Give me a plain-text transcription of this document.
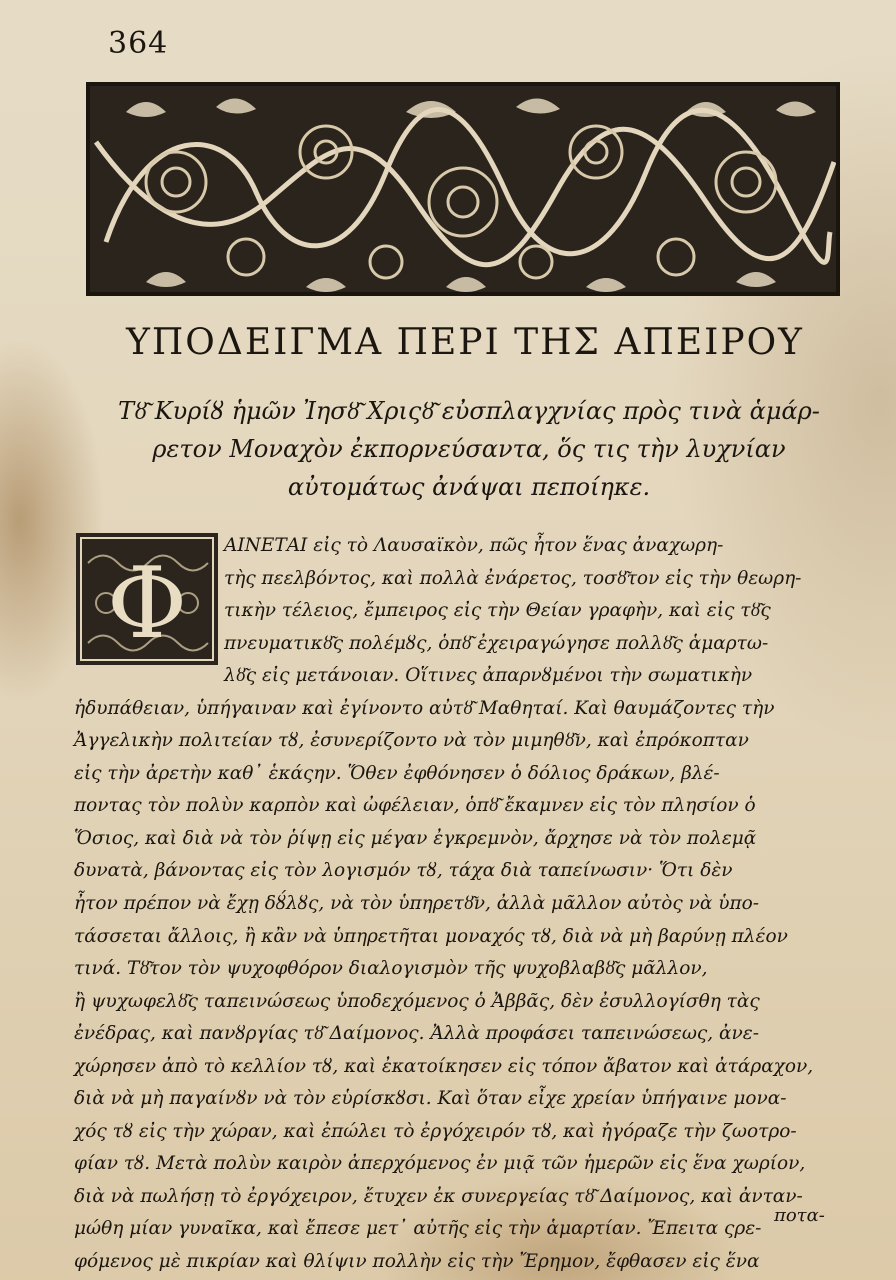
364
ΥΠΟΔΕΙΓΜΑ ΠΕΡΙ ΤΗΣ ΑΠΕΙΡΟΥ
Τȣ͂ Κυρίȣ ἡμῶν Ἰησȣ͂ Χριςȣ͂ εὐσπλαγχνίας πρὸς τινὰ ἁμάρ-
ρετον Μοναχὸν ἐκπορνεύσαντα, ὅς τις τὴν λυχνίαν
αὐτομάτως ἀνάψαι πεποίηκε.
Φ
ΑΙΝΕΤΑΙ εἰς τὸ Λαυσαϊκὸν, πῶς ἦτον ἕνας ἀναχωρη-
τὴς πεελβόντος, καὶ πολλὰ ἐνάρετος, τοσȣ͂τον εἰς τὴν θεωρη-
τικὴν τέλειος, ἔμπειρος εἰς τὴν Θείαν γραφὴν, καὶ εἰς τȣ͂ς
πνευματικȣ͂ς πολέμȣς, ὁπȣ͂ ἐχειραγώγησε πολλȣ͂ς ἁμαρτω-
λȣ͂ς εἰς μετάνοιαν. Οἵτινες ἀπαρνȣμένοι τὴν σωματικὴν
ἡδυπάθειαν, ὑπήγαιναν καὶ ἐγίνοντο αὐτȣ͂ Μαθηταί. Καὶ θαυμάζοντες τὴν
Ἀγγελικὴν πολιτείαν τȣ, ἐσυνερίζοντο νὰ τὸν μιμηθȣ͂ν, καὶ ἐπρόκοπταν
εἰς τὴν ἀρετὴν καθ᾽ ἑκάςην. Ὅθεν ἐφθόνησεν ὁ δόλιος δράκων, βλέ-
ποντας τὸν πολὺν καρπὸν καὶ ὠφέλειαν, ὁπȣ͂ ἔκαμνεν εἰς τὸν πλησίον ὁ
Ὅσιος, καὶ διὰ νὰ τὸν ῥίψῃ εἰς μέγαν ἐγκρεμνὸν, ἄρχησε νὰ τὸν πολεμᾷ
δυνατὰ, βάνοντας εἰς τὸν λογισμόν τȣ, τάχα διὰ ταπείνωσιν· Ὅτι δὲν
ἦτον πρέπον νὰ ἔχῃ δȣ́λȣς, νὰ τὸν ὑπηρετȣ͂ν, ἀλλὰ μᾶλλον αὐτὸς νὰ ὑπο-
τάσσεται ἄλλοις, ἢ κἂν νὰ ὑπηρετῆται μοναχός τȣ, διὰ νὰ μὴ βαρύνῃ πλέον
τινά. Τȣ͂τον τὸν ψυχοφθόρον διαλογισμὸν τῆς ψυχοβλαβȣ͂ς μᾶλλον,
ἢ ψυχωφελȣ͂ς ταπεινώσεως ὑποδεχόμενος ὁ Ἀββᾶς, δὲν ἐσυλλογίσθη τὰς
ἐνέδρας, καὶ πανȣργίας τȣ͂ Δαίμονος. Ἀλλὰ προφάσει ταπεινώσεως, ἀνε-
χώρησεν ἀπὸ τὸ κελλίον τȣ, καὶ ἐκατοίκησεν εἰς τόπον ἄβατον καὶ ἀτάραχον,
διὰ νὰ μὴ παγαίνȣν νὰ τὸν εὑρίσκȣσι. Καὶ ὅταν εἶχε χρείαν ὑπήγαινε μονα-
χός τȣ εἰς τὴν χώραν, καὶ ἐπώλει τὸ ἐργόχειρόν τȣ, καὶ ἠγόραζε τὴν ζωοτρο-
φίαν τȣ. Μετὰ πολὺν καιρὸν ἀπερχόμενος ἐν μιᾷ τῶν ἡμερῶν εἰς ἕνα χωρίον,
διὰ νὰ πωλήσῃ τὸ ἐργόχειρον, ἔτυχεν ἐκ συνεργείας τȣ͂ Δαίμονος, καὶ ἀνταν-
μώθη μίαν γυναῖκα, καὶ ἔπεσε μετ᾽ αὐτῆς εἰς τὴν ἁμαρτίαν. Ἔπειτα ςρε-
φόμενος μὲ πικρίαν καὶ θλίψιν πολλὴν εἰς τὴν Ἔρημον, ἔφθασεν εἰς ἕνα
ποτα-
